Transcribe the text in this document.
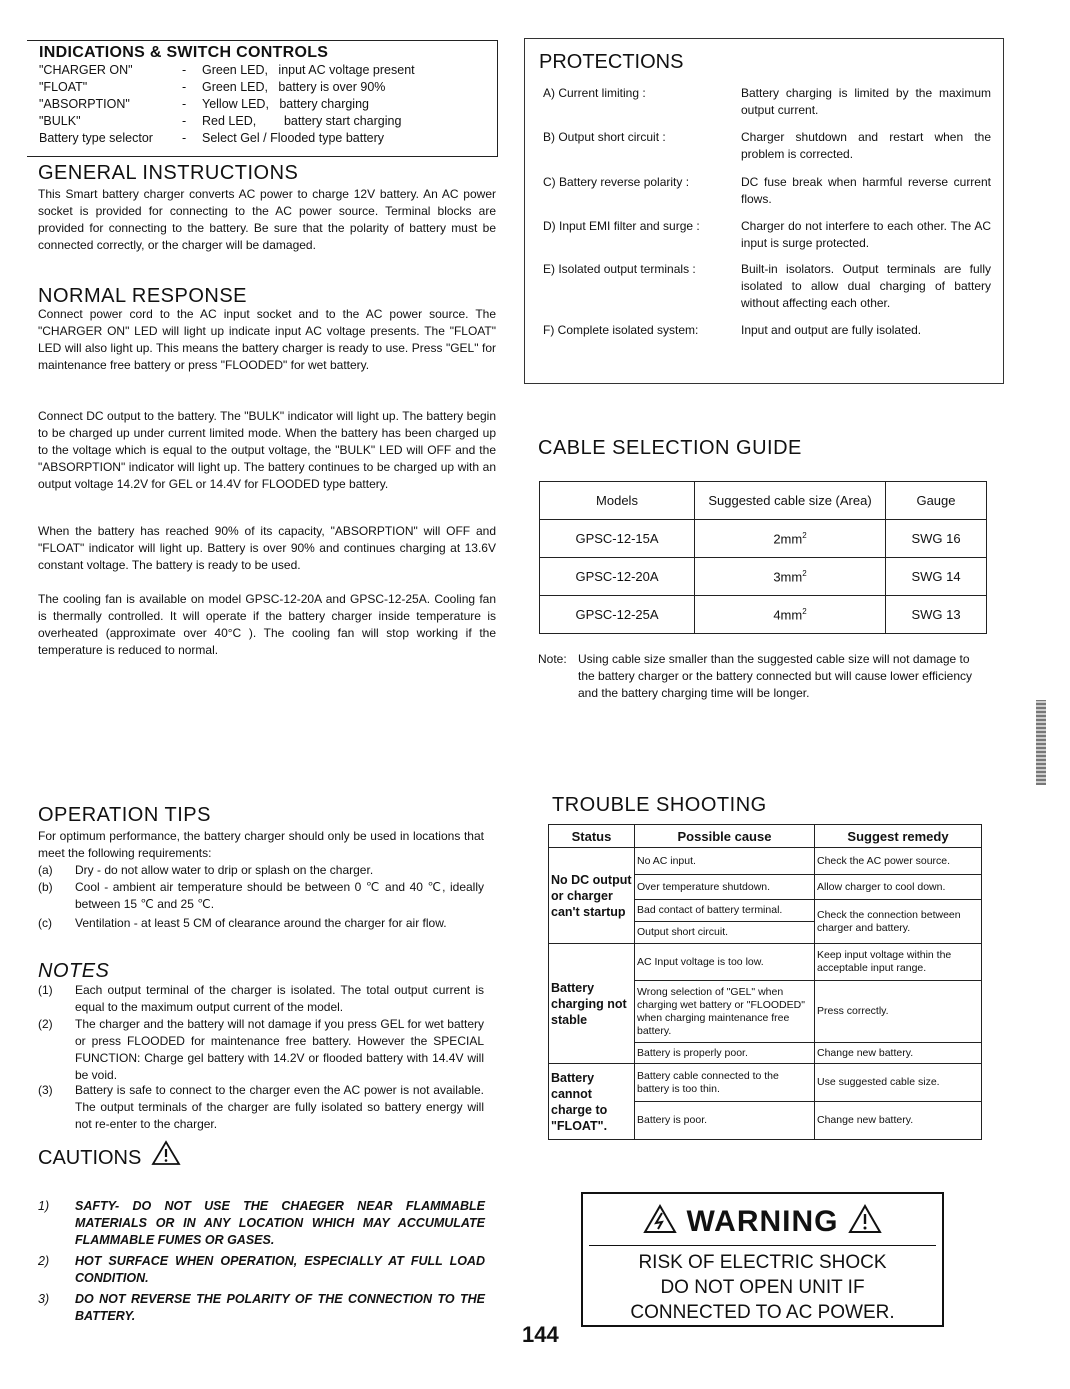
INDICATIONS & SWITCH CONTROLS
"CHARGER ON"	-	Green LED,   input AC voltage present
"FLOAT"	-	Green LED,   battery is over 90%
"ABSORPTION"	-	Yellow LED,   battery charging
"BULK"	-	Red LED,        battery start charging
Battery type selector	-	Select Gel / Flooded type battery
GENERAL INSTRUCTIONS
This Smart battery charger converts AC power to charge 12V battery. An AC power socket is provided for connecting to the AC power source. Terminal blocks are provided for connecting to the battery. Be sure that the polarity of battery must be connected correctly, or the charger will be damaged.
NORMAL RESPONSE
Connect power cord to the AC input socket and to the AC power source. The "CHARGER ON" LED will light up indicate input AC voltage presents. The "FLOAT" LED will also light up. This means the battery charger is ready to use. Press "GEL" for maintenance free battery or press "FLOODED" for wet battery.
Connect DC output to the battery. The "BULK" indicator will light up. The battery begin to be charged up under current limited mode. When the battery has been charged up to the voltage which is equal to the output voltage, the "BULK" LED will OFF and the "ABSORPTION" indicator will light up. The battery continues to be charged up with an output voltage 14.2V for GEL or 14.4V for FLOODED type battery.
When the battery has reached 90% of its capacity, "ABSORPTION" will OFF and "FLOAT" indicator will light up. Battery is over 90% and continues charging at 13.6V constant voltage. The battery is ready to be used.
The cooling fan is available on model GPSC-12-20A and GPSC-12-25A. Cooling fan is thermally controlled. It will operate if the battery charger inside temperature is overheated (approximate over 40°C ). The cooling fan will stop working if the temperature is reduced to normal.
PROTECTIONS
A) Current limiting :	Battery charging is limited by the maximum output current.
B) Output short circuit :	Charger shutdown and restart when the problem is corrected.
C) Battery reverse polarity :	DC fuse break when harmful reverse current flows.
D) Input EMI filter and surge :	Charger do not interfere to each other. The AC input is surge protected.
E) Isolated output terminals :	Built-in isolators. Output terminals are fully isolated to allow dual charging of battery without affecting each other.
F) Complete isolated system:	Input and output are fully isolated.
CABLE SELECTION GUIDE
Models	Suggested cable size (Area)	Gauge
GPSC-12-15A	$2mm^2$	SWG 16
GPSC-12-20A	$3mm^2$	SWG 14
GPSC-12-25A	$4mm^2$	SWG 13
Note: Using cable size smaller than the suggested cable size will not damage to the battery charger or the battery connected but will cause lower efficiency and the battery charging time will be longer.
OPERATION TIPS
For optimum performance, the battery charger should only be used in locations that meet the following requirements:
(a) Dry - do not allow water to drip or splash on the charger.
(b) Cool - ambient air temperature should be between 0 ℃ and 40 ℃, ideally between 15 ℃ and 25 ℃.
(c) Ventilation - at least 5 CM of clearance around the charger for air flow.
NOTES
(1) Each output terminal of the charger is isolated. The total output current is equal to the maximum output current of the model.
(2) The charger and the battery will not damage if you press GEL for wet battery or press FLOODED for maintenance free battery. However the SPECIAL FUNCTION: Charge gel battery with 14.2V or flooded battery with 14.4V will be void.
(3) Battery is safe to connect to the charger even the AC power is not available. The output terminals of the charger are fully isolated so battery energy will not re-enter to the charger.
CAUTIONS
1) SAFTY- DO NOT USE THE CHAEGER NEAR FLAMMABLE MATERIALS OR IN ANY LOCATION WHICH MAY ACCUMULATE FLAMMABLE FUMES OR GASES.
2) HOT SURFACE WHEN OPERATION, ESPECIALLY AT FULL LOAD CONDITION.
3) DO NOT REVERSE THE POLARITY OF THE CONNECTION TO THE BATTERY.
TROUBLE SHOOTING
Status	Possible cause	Suggest remedy
No DC output or charger can't startup	No AC input.	Check the AC power source.
	Over temperature shutdown.	Allow charger to cool down.
	Bad contact of battery terminal.	Check the connection between charger and battery.
	Output short circuit.	
Battery charging not stable	AC Input voltage is too low.	Keep input voltage within the acceptable input range.
	Wrong selection of "GEL" when charging wet battery or "FLOODED" when charging maintenance free battery.	Press correctly.
	Battery is properly poor.	Change new battery.
Battery cannot charge to "FLOAT".	Battery cable connected to the battery is too thin.	Use suggested cable size.
	Battery is poor.	Change new battery.
WARNING
RISK OF ELECTRIC SHOCK
DO NOT OPEN UNIT IF
CONNECTED TO AC POWER.
144
